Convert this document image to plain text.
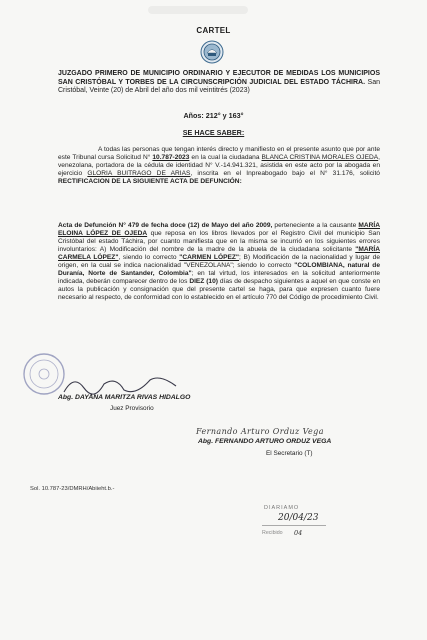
CARTEL
JUZGADO PRIMERO DE MUNICIPIO ORDINARIO Y EJECUTOR DE MEDIDAS LOS MUNICIPIOS SAN CRISTÓBAL Y TORBES DE LA CIRCUNSCRIPCIÓN JUDICIAL DEL ESTADO TÁCHIRA. San Cristóbal, Veinte (20) de Abril del año dos mil veintitrés (2023)
Años: 212° y 163°
SE HACE SABER:
A todas las personas que tengan interés directo y manifiesto en el presente asunto que por ante este Tribunal cursa Solicitud N° 10.787-2023 en la cual la ciudadana BLANCA CRISTINA MORALES OJEDA, venezolana, portadora de la cédula de identidad N° V.-14.941.321, asistida en este acto por la abogada en ejercicio GLORIA BUITRAGO DE ARIAS, inscrita en el Inpreabogado bajo el N° 31.176, solicitó RECTIFICACION DE LA SIGUIENTE ACTA DE DEFUNCIÓN:
Acta de Defunción N° 479 de fecha doce (12) de Mayo del año 2009, perteneciente a la causante MARÍA ELOINA LÓPEZ DE OJEDA que reposa en los libros llevados por el Registro Civil del municipio San Cristóbal del estado Táchira, por cuanto manifiesta que en la misma se incurrió en los siguientes errores involuntarios: A) Modificación del nombre de la madre de la abuela de la ciudadana solicitante "MARÍA CARMELA LÓPEZ", siendo lo correcto "CARMEN LÓPEZ"; B) Modificación de la nacionalidad y lugar de origen, en la cual se indica nacionalidad "VENEZOLANA"; siendo lo correcto "COLOMBIANA, natural de Duranía, Norte de Santander, Colombia"; en tal virtud, los interesados en la solicitud anteriormente indicada, deberán comparecer dentro de los DIEZ (10) días de despacho siguientes a aquel en que conste en autos la publicación y consignación que del presente cartel se haga, para que expresen cuanto fuere necesario al respecto, de conformidad con lo establecido en el artículo 770 del Código de procedimiento Civil.
Abg. DAYANA MARITZA RIVAS HIDALGO
Juez Provisorio
Fernando Arturo Orduz Vega
Abg. FERNANDO ARTURO ORDUZ VEGA
El Secretario (T)
Sol. 10.787-23/DMRH/Abiieht.b.-
DIARIAMO
20/04/23
Recibido 04
